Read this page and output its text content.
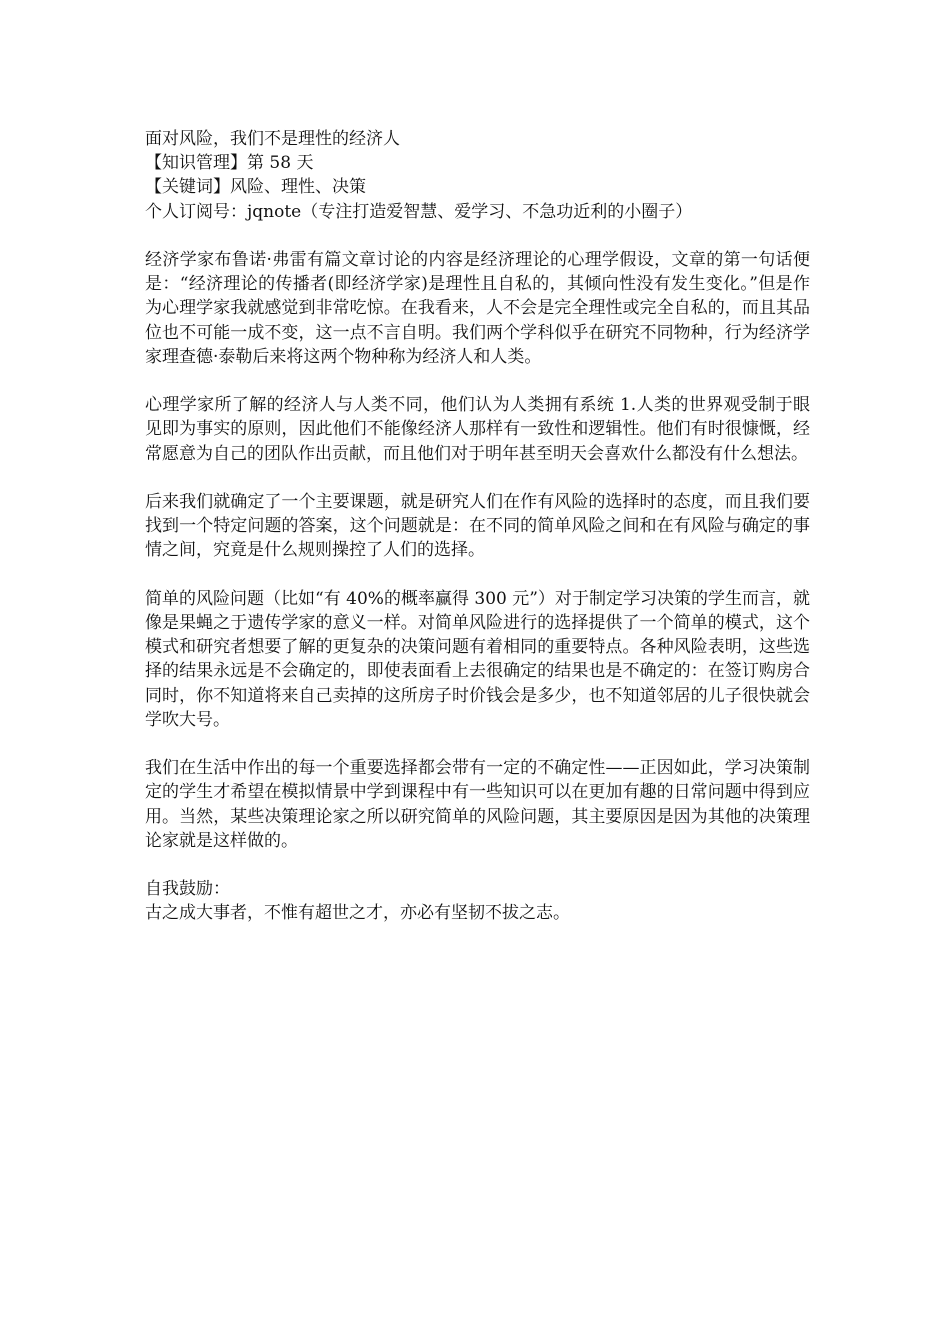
面对风险，我们不是理性的经济人
【知识管理】第 58 天
【关键词】风险、理性、决策
个人订阅号：jqnote（专注打造爱智慧、爱学习、不急功近利的小圈子）

经济学家布鲁诺·弗雷有篇文章讨论的内容是经济理论的心理学假设，文章的第一句话便是：“经济理论的传播者(即经济学家)是理性且自私的，其倾向性没有发生变化。”但是作为心理学家我就感觉到非常吃惊。在我看来，人不会是完全理性或完全自私的，而且其品位也不可能一成不变，这一点不言自明。我们两个学科似乎在研究不同物种，行为经济学家理查德·泰勒后来将这两个物种称为经济人和人类。

心理学家所了解的经济人与人类不同，他们认为人类拥有系统 1.人类的世界观受制于眼见即为事实的原则，因此他们不能像经济人那样有一致性和逻辑性。他们有时很慷慨，经常愿意为自己的团队作出贡献，而且他们对于明年甚至明天会喜欢什么都没有什么想法。

后来我们就确定了一个主要课题，就是研究人们在作有风险的选择时的态度，而且我们要找到一个特定问题的答案，这个问题就是：在不同的简单风险之间和在有风险与确定的事情之间，究竟是什么规则操控了人们的选择。

简单的风险问题（比如“有 40%的概率赢得 300 元”）对于制定学习决策的学生而言，就像是果蝇之于遗传学家的意义一样。对简单风险进行的选择提供了一个简单的模式，这个模式和研究者想要了解的更复杂的决策问题有着相同的重要特点。各种风险表明，这些选择的结果永远是不会确定的，即使表面看上去很确定的结果也是不确定的：在签订购房合同时，你不知道将来自己卖掉的这所房子时价钱会是多少，也不知道邻居的儿子很快就会学吹大号。

我们在生活中作出的每一个重要选择都会带有一定的不确定性——正因如此，学习决策制定的学生才希望在模拟情景中学到课程中有一些知识可以在更加有趣的日常问题中得到应用。当然，某些决策理论家之所以研究简单的风险问题，其主要原因是因为其他的决策理论家就是这样做的。

自我鼓励：
古之成大事者，不惟有超世之才，亦必有坚韧不拔之志。
